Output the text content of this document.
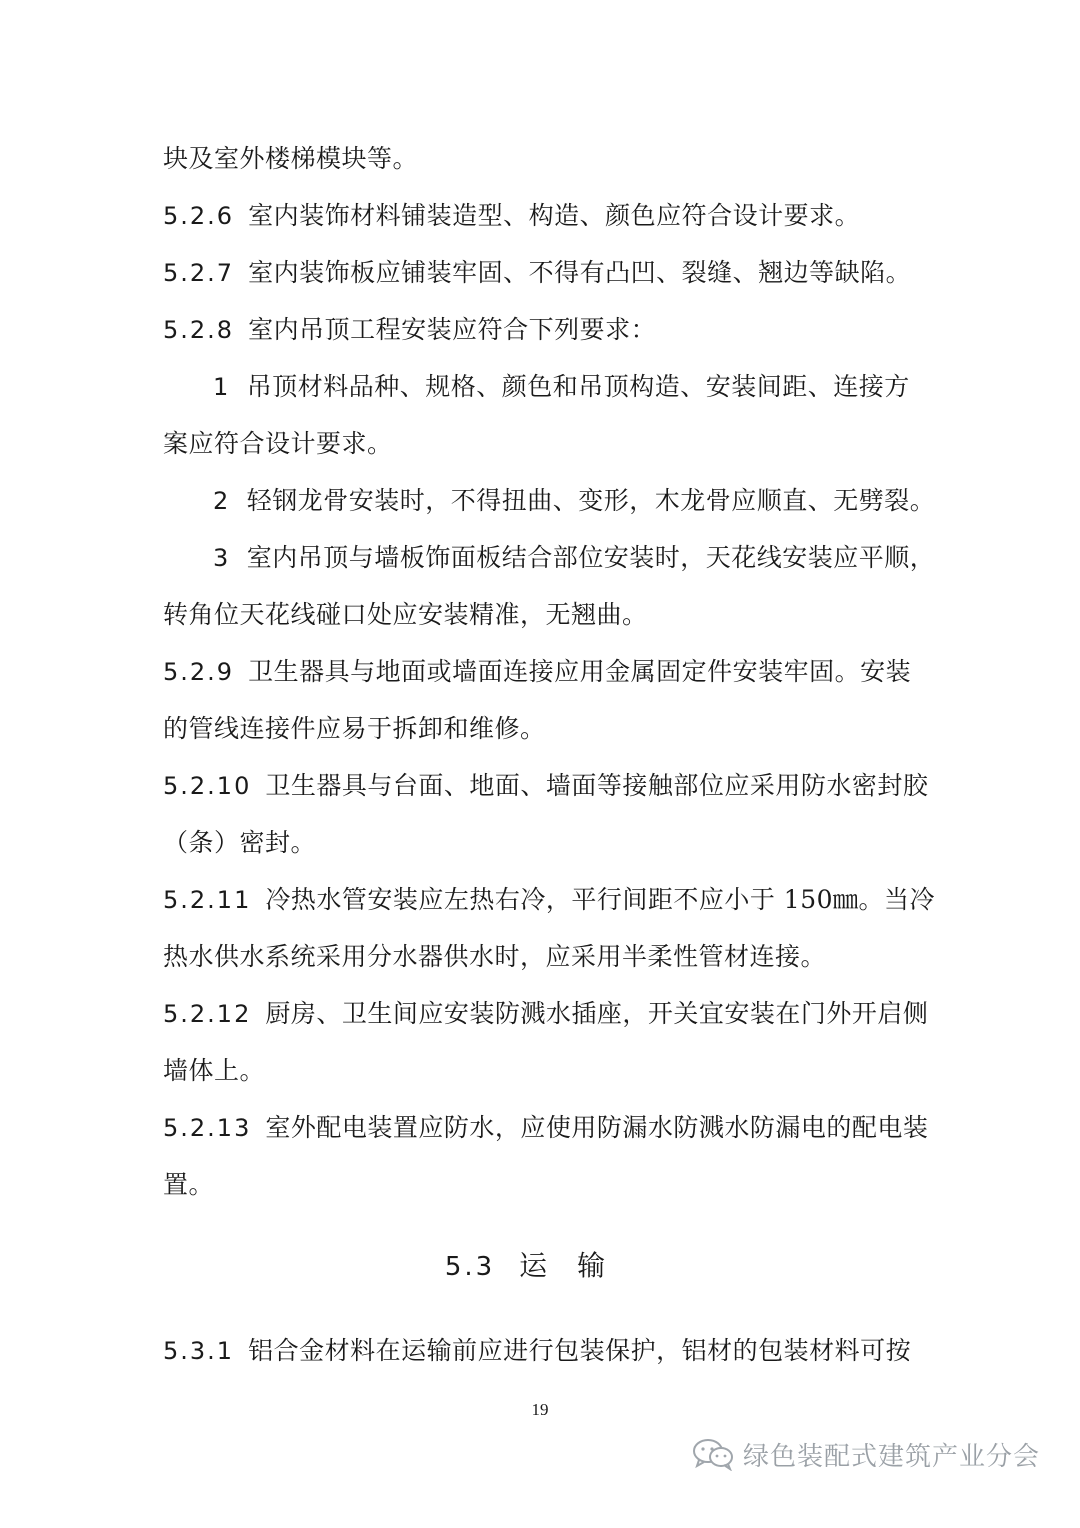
块及室外楼梯模块等。
5.2.6 室内装饰材料铺装造型、构造、颜色应符合设计要求。
5.2.7 室内装饰板应铺装牢固、不得有凸凹、裂缝、翘边等缺陷。
5.2.8 室内吊顶工程安装应符合下列要求：
1 吊顶材料品种、规格、颜色和吊顶构造、安装间距、连接方
案应符合设计要求。
2 轻钢龙骨安装时，不得扭曲、变形，木龙骨应顺直、无劈裂。
3 室内吊顶与墙板饰面板结合部位安装时，天花线安装应平顺，
转角位天花线碰口处应安装精准，无翘曲。
5.2.9 卫生器具与地面或墙面连接应用金属固定件安装牢固。安装
的管线连接件应易于拆卸和维修。
5.2.10 卫生器具与台面、地面、墙面等接触部位应采用防水密封胶
（条）密封。
5.2.11 冷热水管安装应左热右冷，平行间距不应小于 150㎜。当冷
热水供水系统采用分水器供水时，应采用半柔性管材连接。
5.2.12 厨房、卫生间应安装防溅水插座，开关宜安装在门外开启侧
墙体上。
5.2.13 室外配电装置应防水，应使用防漏水防溅水防漏电的配电装
置。
5.3 运输
5.3.1 铝合金材料在运输前应进行包装保护，铝材的包装材料可按
19
绿色装配式建筑产业分会
